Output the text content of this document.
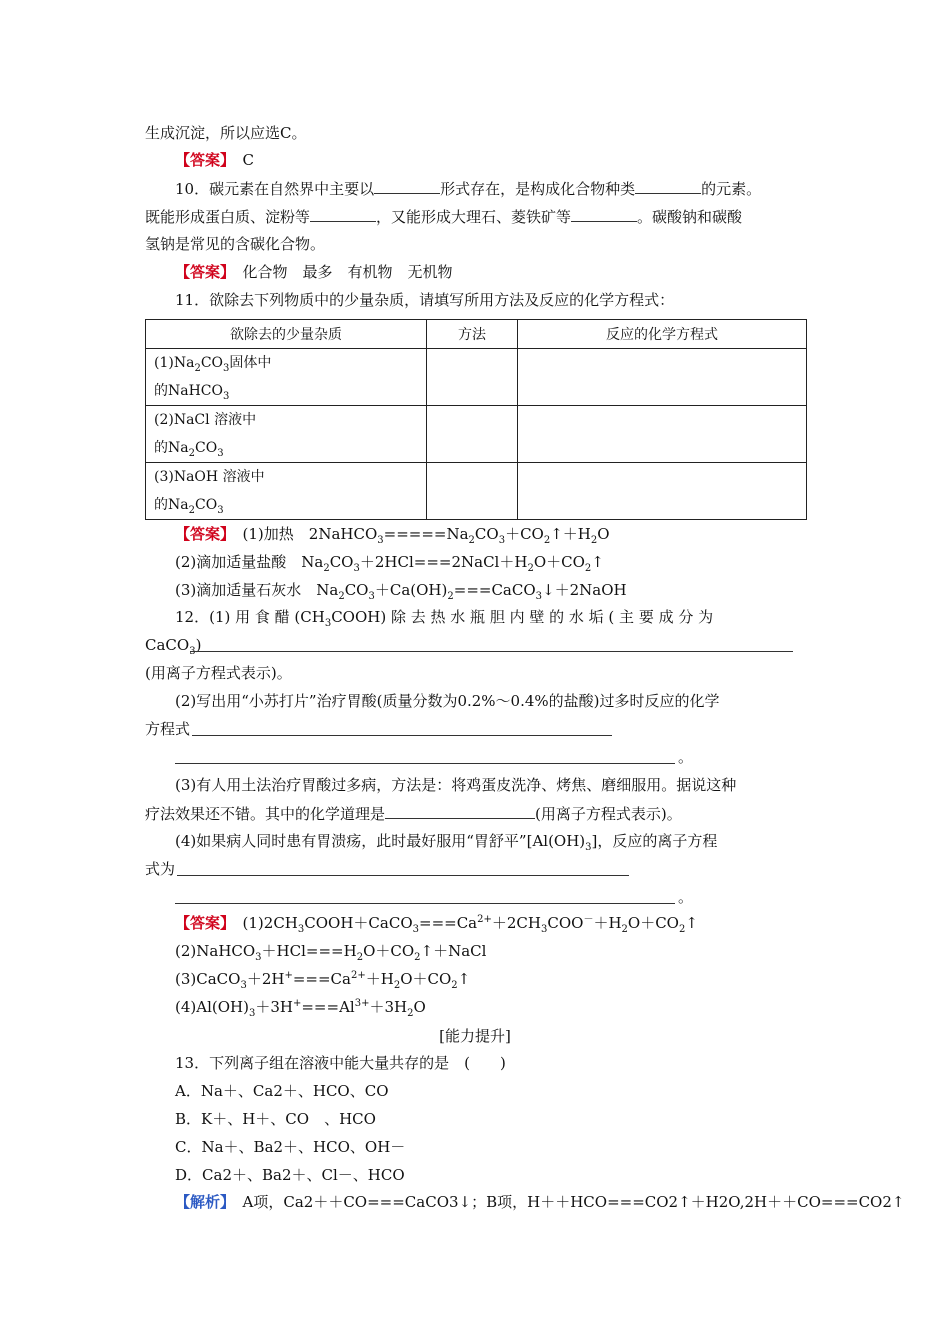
生成沉淀，所以应选C。
【答案】　 C
10．碳元素在自然界中主要以	形式存在，是构成化合物种类	的元素。
既能形成蛋白质、淀粉等	，又能形成大理石、菱铁矿等	。碳酸钠和碳酸
氢钠是常见的含碳化合物。
【答案】　 化合物　最多　有机物　无机物
11．欲除去下列物质中的少量杂质，请填写所用方法及反应的化学方程式：
欲除去的少量杂质	方法	反应的化学方程式
$(1)Na_2CO_3$固体中
的NaHCO$_3$		
(2)NaCl 溶液中
的$Na_2CO_3$		
(3)NaOH 溶液中
的$Na_2CO_3$		
【答案】　 (1)加热　$2NaHCO_3=====Na_2CO_3+CO_2↑+H_2O$
(2)滴加适量盐酸　$Na_2CO_3+2HCl===2NaCl+H_2O+CO_2↑$
(3)滴加适量石灰水　$Na_2CO_3+Ca(OH)_2===CaCO_3↓+2NaOH$
12．(1) 用 食 醋 $(CH_3COOH)$ 除 去 热 水 瓶 胆 内 壁 的 水 垢 ( 主 要 成 分 为
CaCO$_3$)
(用离子方程式表示)。
(2)写出用“小苏打片”治疗胃酸(质量分数为0.2%～0.4%的盐酸)过多时反应的化学
方程式
。
(3)有人用土法治疗胃酸过多病，方法是：将鸡蛋皮洗净、烤焦、磨细服用。据说这种
疗法效果还不错。其中的化学道理是	(用离子方程式表示)。
(4)如果病人同时患有胃溃疡，此时最好服用“胃舒平$”[Al(OH)_3]$，反应的离子方程
式为
。
【答案】　 $(1)2CH_3COOH+CaCO_3===Ca^{2+}+2CH_3COO^-+H_2O+CO_2↑$
$(2)NaHCO_3+HCl===H_2O+CO_2↑+NaCl$
$(3)CaCO_3+2H^+===Ca^{2+}+H_2O+CO_2↑$
$(4)Al(OH)_3+3H^+===Al^{3+}+3H_2O$
[能力提升]
13．下列离子组在溶液中能大量共存的是　(　　)
A．Na＋、Ca2＋、HCO、CO
B．K＋、H＋、CO　、HCO
C．Na＋、Ba2＋、HCO、OH－
D．Ca2＋、Ba2＋、Cl－、HCO
【解析】　 A项，Ca2＋＋CO===CaCO3↓；B项，H＋＋HCO===CO2↑＋H2O,2H＋＋CO===CO2↑
